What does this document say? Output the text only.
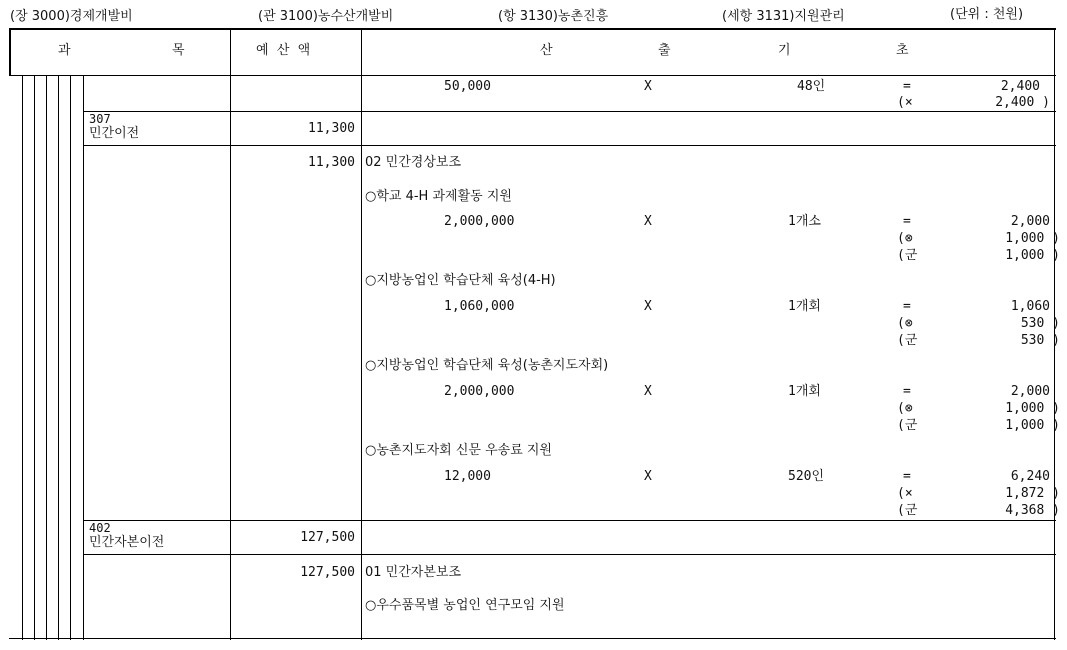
(장 3000)경제개발비	(관 3100)농수산개발비	(항 3130)농촌진흥	(세항 3131)지원관리	(단위 : 천원)
과	목	예  산  액	산	출	기	초
50,000	X	48인	=	2,400
(×	2,400 )
307
민간이전	11,300
11,300 02 민간경상보조
○학교 4-H 과제활동 지원
2,000,000	X	1개소	=	2,000
(⊗	1,000 )
(군	1,000 )
○지방농업인 학습단체 육성(4-H)
1,060,000	X	1개회	=	1,060
(⊗	530 )
(군	530 )
○지방농업인 학습단체 육성(농촌지도자회)
2,000,000	X	1개회	=	2,000
(⊗	1,000 )
(군	1,000 )
○농촌지도자회 신문 우송료 지원
12,000	X	520인	=	6,240
(×	1,872 )
(군	4,368 )
402
민간자본이전	127,500
127,500 01 민간자본보조
○우수품목별 농업인 연구모임 지원
